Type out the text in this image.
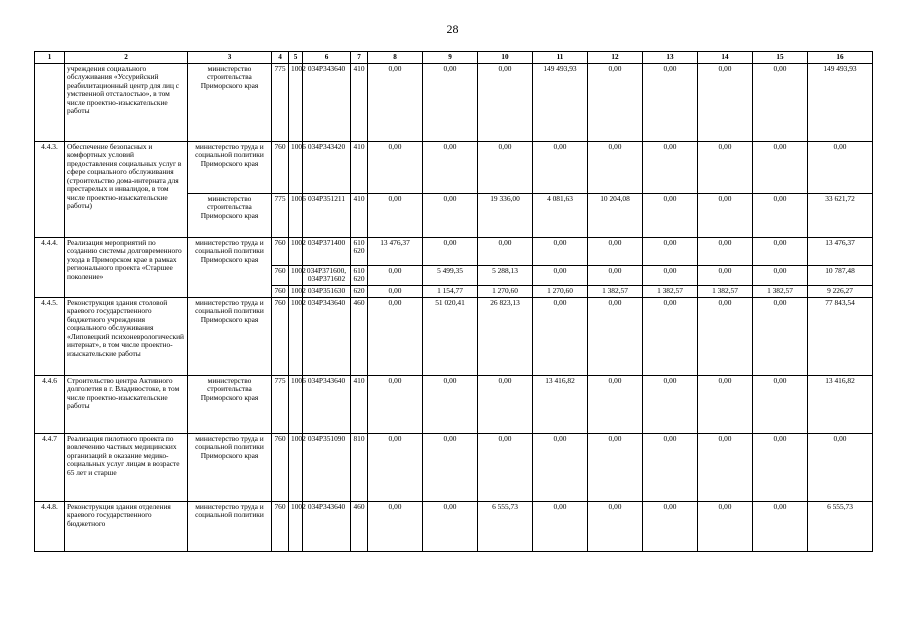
28
1	2	3	4	5	6	7	8	9	10	11	12	13	14	15	16
	учреждения социального обслуживания «Уссурийский реабилитационный центр для лиц с умственной отсталостью», в том числе проектно-изыскательские работы	министерство строительства Приморского края	775	1002	034P343640	410	0,00	0,00	0,00	149 493,93	0,00	0,00	0,00	0,00	149 493,93
4.4.3.	Обеспечение безопасных и комфортных условий предоставления социальных услуг в сфере социального обслуживания (строительство дома-интерната для престарелых и инвалидов, в том числе проектно-изыскательские работы)	министерство труда и социальной политики Приморского края	760	1006	034P343420	410	0,00	0,00	0,00	0,00	0,00	0,00	0,00	0,00	0,00
		министерство строительства Приморского края	775	1006	034P351211	410	0,00	0,00	19 336,00	4 081,63	10 204,08	0,00	0,00	0,00	33 621,72
4.4.4.	Реализация мероприятий по созданию системы долговременного ухода в Приморском крае в рамках регионального проекта «Старшее поколение»	министерство труда и социальной политики Приморского края	760	1002	034P371400	610 620	13 476,37	0,00	0,00	0,00	0,00	0,00	0,00	0,00	13 476,37
			760	1002	034P371600, 034P371602	610 620	0,00	5 499,35	5 288,13	0,00	0,00	0,00	0,00	0,00	10 787,48
			760	1002	034P351630	620	0,00	1 154,77	1 270,60	1 270,60	1 382,57	1 382,57	1 382,57	1 382,57	9 226,27
4.4.5.	Реконструкция здания столовой краевого государственного бюджетного учреждения социального обслуживания «Липовецкий психоневрологический интернат», в том числе проектно-изыскательские работы	министерство труда и социальной политики Приморского края	760	1002	034P343640	460	0,00	51 020,41	26 823,13	0,00	0,00	0,00	0,00	0,00	77 843,54
4.4.6	Строительство центра Активного долголетия в г. Владивостоке, в том числе проектно-изыскательские работы	министерство строительства Приморского края	775	1006	034P343640	410	0,00	0,00	0,00	13 416,82	0,00	0,00	0,00	0,00	13 416,82
4.4.7	Реализация пилотного проекта по вовлечению частных медицинских организаций в оказание медико-социальных услуг лицам в возрасте 65 лет и старше	министерство труда и социальной политики Приморского края	760	1002	034P351090	810	0,00	0,00	0,00	0,00	0,00	0,00	0,00	0,00	0,00
4.4.8.	Реконструкция здания отделения краевого государственного бюджетного	министерство труда и социальной политики	760	1002	034P343640	460	0,00	0,00	6 555,73	0,00	0,00	0,00	0,00	0,00	6 555,73
